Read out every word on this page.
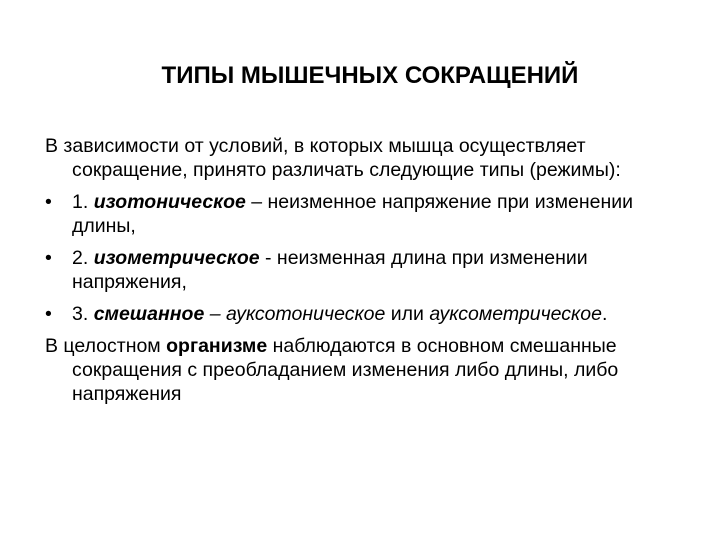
ТИПЫ МЫШЕЧНЫХ СОКРАЩЕНИЙ

В зависимости от условий, в которых мышца осуществляет сокращение, принято различать следующие типы (режимы):

•	1. изотоническое – неизменное напряжение при изменении длины,
•	2. изометрическое - неизменная длина при изменении напряжения,
•	3. смешанное – ауксотоническое или ауксометрическое.

В целостном организме наблюдаются в основном смешанные сокращения с преобладанием изменения либо длины, либо напряжения
